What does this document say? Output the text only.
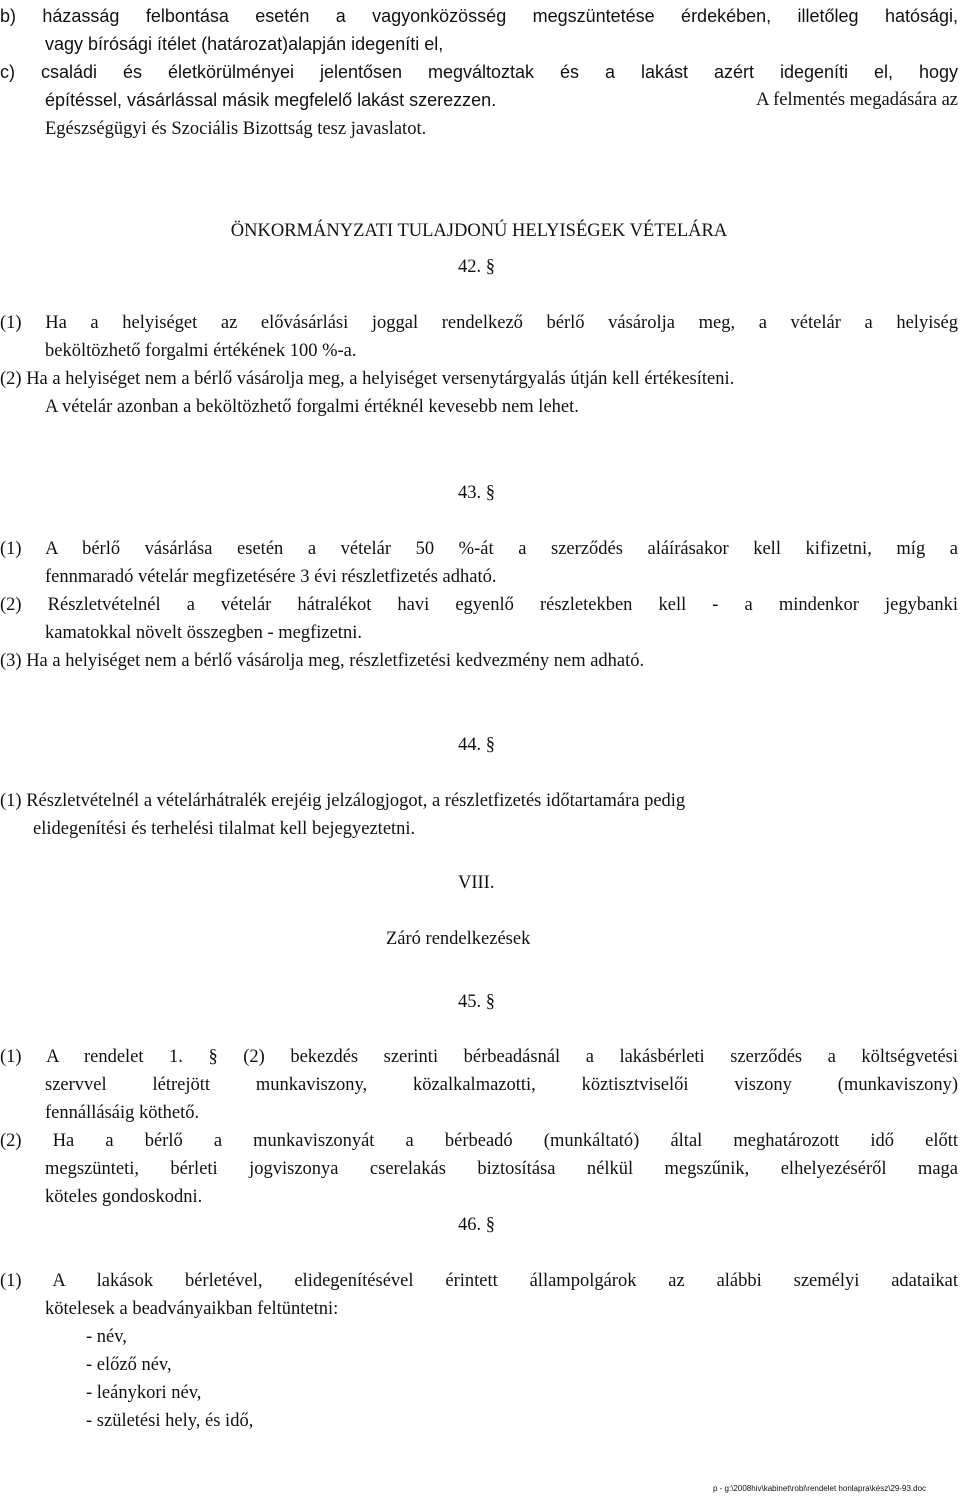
b) házasság felbontása esetén a vagyonközösség megszüntetése érdekében, illetőleg hatósági,
vagy bírósági ítélet (határozat)alapján idegeníti el,
c) családi és életkörülményei jelentősen megváltoztak és a lakást azért idegeníti el, hogy
építéssel, vásárlással másik megfelelő lakást szerezzen.	A felmentés megadására az
Egészségügyi és Szociális Bizottság tesz javaslatot.
ÖNKORMÁNYZATI TULAJDONÚ HELYISÉGEK VÉTELÁRA
42. §
(1) Ha a helyiséget az elővásárlási joggal rendelkező bérlő vásárolja meg, a vételár a helyiség
beköltözhető forgalmi értékének 100 %-a.
(2) Ha a helyiséget nem a bérlő vásárolja meg, a helyiséget versenytárgyalás útján kell értékesíteni.
A vételár azonban a beköltözhető forgalmi értéknél kevesebb nem lehet.
43. §
(1) A bérlő vásárlása esetén a vételár 50 %-át a szerződés aláírásakor kell kifizetni, míg a
fennmaradó vételár megfizetésére 3 évi részletfizetés adható.
(2) Részletvételnél a vételár hátralékot havi egyenlő részletekben kell - a mindenkor jegybanki
kamatokkal növelt összegben - megfizetni.
(3) Ha a helyiséget nem a bérlő vásárolja meg, részletfizetési kedvezmény nem adható.
44. §
(1) Részletvételnél a vételárhátralék erejéig jelzálogjogot, a részletfizetés időtartamára pedig
elidegenítési és terhelési tilalmat kell bejegyeztetni.
VIII.
Záró rendelkezések
45. §
(1) A rendelet 1. § (2) bekezdés szerinti bérbeadásnál a lakásbérleti szerződés a költségvetési
szervvel létrejött munkaviszony, közalkalmazotti, köztisztviselői viszony (munkaviszony)
fennállásáig köthető.
(2) Ha a bérlő a munkaviszonyát a bérbeadó (munkáltató) által meghatározott idő előtt
megszünteti, bérleti jogviszonya cserelakás biztosítása nélkül megszűnik, elhelyezéséről maga
köteles gondoskodni.
46. §
(1) A lakások bérletével, elidegenítésével érintett állampolgárok az alábbi személyi adataikat
kötelesek a beadványaikban feltüntetni:
- név,
- előző név,
- leánykori név,
- születési hely, és idő,
p - g:\2008hiv\kabinet\robi\rendelet honlapra\kész\29-93.doc
